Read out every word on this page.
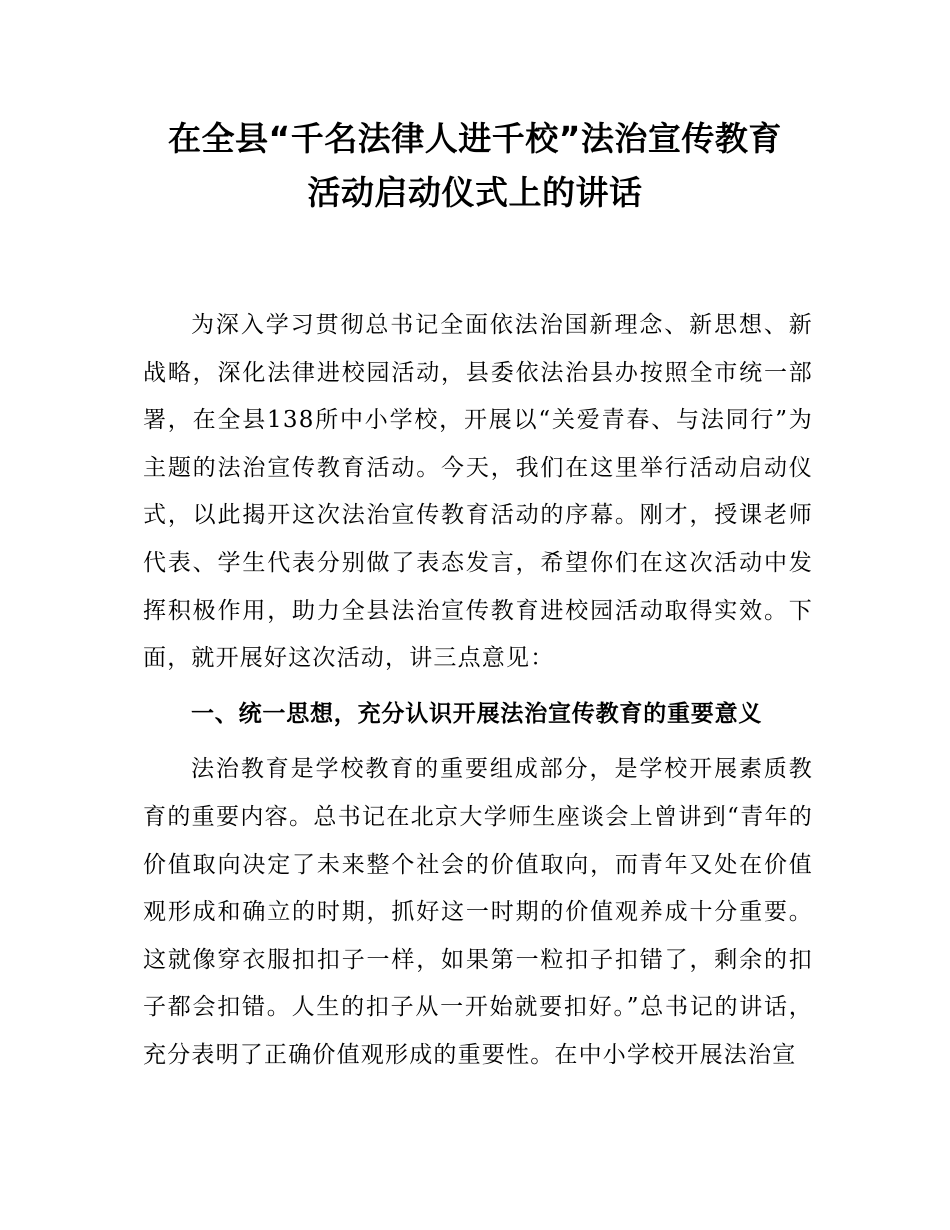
在全县“千名法律人进千校”法治宣传教育
活动启动仪式上的讲话

为深入学习贯彻总书记全面依法治国新理念、新思想、新战略，深化法律进校园活动，县委依法治县办按照全市统一部署，在全县138所中小学校，开展以“关爱青春、与法同行”为主题的法治宣传教育活动。今天，我们在这里举行活动启动仪式，以此揭开这次法治宣传教育活动的序幕。刚才，授课老师代表、学生代表分别做了表态发言，希望你们在这次活动中发挥积极作用，助力全县法治宣传教育进校园活动取得实效。下面，就开展好这次活动，讲三点意见：

一、统一思想，充分认识开展法治宣传教育的重要意义

法治教育是学校教育的重要组成部分，是学校开展素质教育的重要内容。总书记在北京大学师生座谈会上曾讲到“青年的价值取向决定了未来整个社会的价值取向，而青年又处在价值观形成和确立的时期，抓好这一时期的价值观养成十分重要。这就像穿衣服扣扣子一样，如果第一粒扣子扣错了，剩余的扣子都会扣错。人生的扣子从一开始就要扣好。”总书记的讲话，充分表明了正确价值观形成的重要性。在中小学校开展法治宣
